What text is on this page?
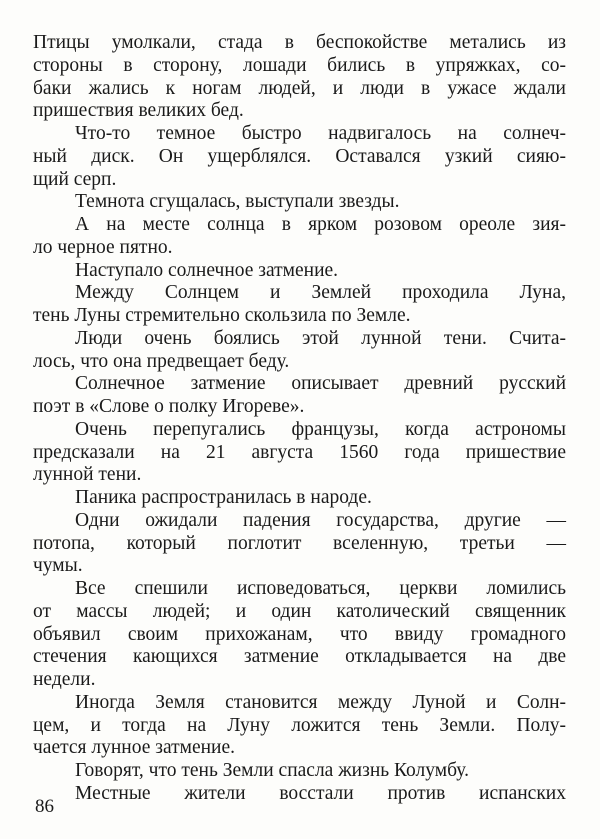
Птицы умолкали, стада в беспокойстве метались из
стороны в сторону, лошади бились в упряжках, со-
баки жались к ногам людей, и люди в ужасе ждали
пришествия великих бед.
Что-то темное быстро надвигалось на солнеч-
ный диск. Он ущерблялся. Оставался узкий сияю-
щий серп.
Темнота сгущалась, выступали звезды.
А на месте солнца в ярком розовом ореоле зия-
ло черное пятно.
Наступало солнечное затмение.
Между Солнцем и Землей проходила Луна,
тень Луны стремительно скользила по Земле.
Люди очень боялись этой лунной тени. Счита-
лось, что она предвещает беду.
Солнечное затмение описывает древний русский
поэт в «Слове о полку Игореве».
Очень перепугались французы, когда астрономы
предсказали на 21 августа 1560 года пришествие
лунной тени.
Паника распространилась в народе.
Одни ожидали падения государства, другие —
потопа, который поглотит вселенную, третьи —
чумы.
Все спешили исповедоваться, церкви ломились
от массы людей; и один католический священник
объявил своим прихожанам, что ввиду громадного
стечения кающихся затмение откладывается на две
недели.
Иногда Земля становится между Луной и Солн-
цем, и тогда на Луну ложится тень Земли. Полу-
чается лунное затмение.
Говорят, что тень Земли спасла жизнь Колумбу.
Местные жители восстали против испанских
86
